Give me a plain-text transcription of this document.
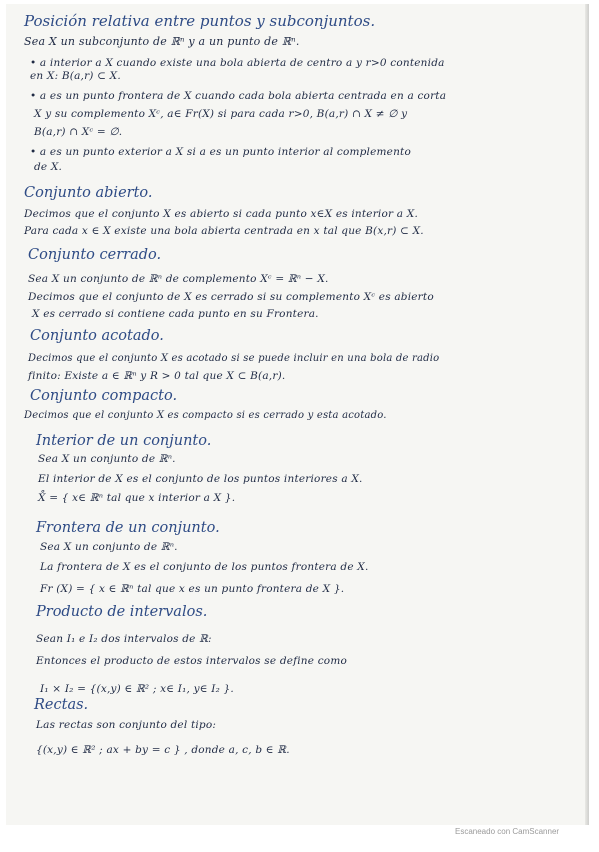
Posición relativa entre puntos y subconjuntos.
Sea X un subconjunto de ℝⁿ y a un punto de ℝⁿ.
• a interior a X cuando existe una bola abierta de centro a y r>0 contenida
en X: B(a,r) ⊂ X.
• a es un punto frontera de X cuando cada bola abierta centrada en a corta
X y su complemento Xᶜ, a∈ Fr(X) si para cada r>0, B(a,r) ∩ X ≠ ∅ y
B(a,r) ∩ Xᶜ = ∅.
• a es un punto exterior a X si a es un punto interior al complemento
de X.
Conjunto abierto.
Decimos que el conjunto X es abierto si cada punto x∈X es interior a X.
Para cada x ∈ X existe una bola abierta centrada en x tal que B(x,r) ⊂ X.
Conjunto cerrado.
Sea X un conjunto de ℝⁿ de complemento Xᶜ = ℝⁿ − X.
Decimos que el conjunto de X es cerrado si su complemento Xᶜ es abierto
X es cerrado si contiene cada punto en su Frontera.
Conjunto acotado.
Decimos que el conjunto X es acotado si se puede incluir en una bola de radio
finito: Existe a ∈ ℝⁿ y R > 0 tal que X ⊂ B(a,r).
Conjunto compacto.
Decimos que el conjunto X es compacto si es cerrado y esta acotado.
Interior de un conjunto.
Sea X un conjunto de ℝⁿ.
El interior de X es el conjunto de los puntos interiores a X.
X̊ = { x∈ ℝⁿ tal que x interior a X }.
Frontera de un conjunto.
Sea X un conjunto de ℝⁿ.
La frontera de X es el conjunto de los puntos frontera de X.
Fr (X) = { x ∈ ℝⁿ tal que x es un punto frontera de X }.
Producto de intervalos.
Sean I₁ e I₂ dos intervalos de ℝ:
Entonces el producto de estos intervalos se define como
I₁ × I₂ = {(x,y) ∈ ℝ² ; x∈ I₁, y∈ I₂ }.
Rectas.
Las rectas son conjunto del tipo:
{(x,y) ∈ ℝ² ; ax + by = c } , donde a, c, b ∈ ℝ.
Escaneado con CamScanner
